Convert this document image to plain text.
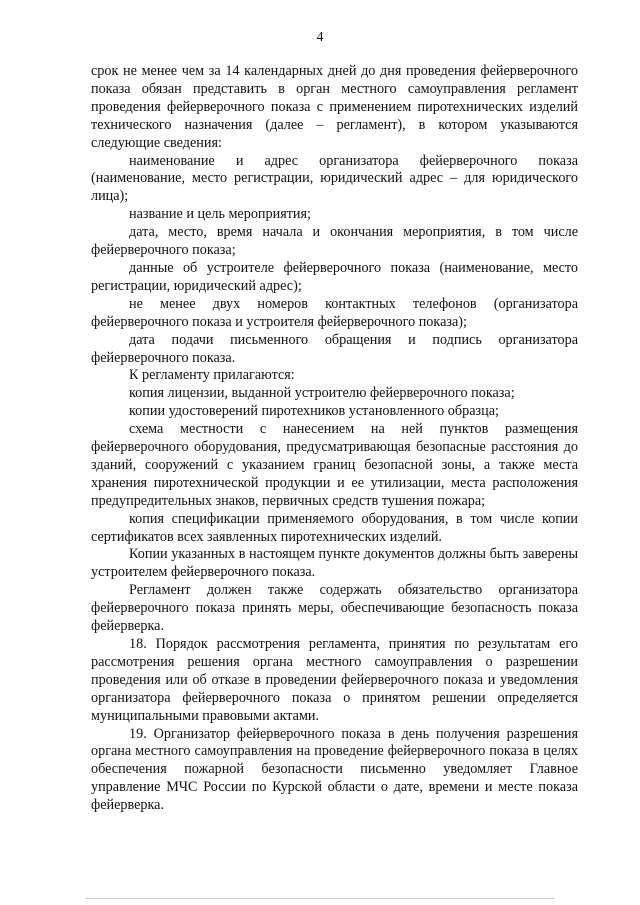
4

срок не менее чем за 14 календарных дней до дня проведения фейерверочного показа обязан представить в орган местного самоуправления регламент проведения фейерверочного показа с применением пиротехнических изделий технического назначения (далее – регламент), в котором указываются следующие сведения:

наименование и адрес организатора фейерверочного показа (наименование, место регистрации, юридический адрес – для юридического лица);

название и цель мероприятия;

дата, место, время начала и окончания мероприятия, в том числе фейерверочного показа;

данные об устроителе фейерверочного показа (наименование, место регистрации, юридический адрес);

не менее двух номеров контактных телефонов (организатора фейерверочного показа и устроителя фейерверочного показа);

дата подачи письменного обращения и подпись организатора фейерверочного показа.

К регламенту прилагаются:

копия лицензии, выданной устроителю фейерверочного показа;

копии удостоверений пиротехников установленного образца;

схема местности с нанесением на ней пунктов размещения фейерверочного оборудования, предусматривающая безопасные расстояния до зданий, сооружений с указанием границ безопасной зоны, а также места хранения пиротехнической продукции и ее утилизации, места расположения предупредительных знаков, первичных средств тушения пожара;

копия спецификации применяемого оборудования, в том числе копии сертификатов всех заявленных пиротехнических изделий.

Копии указанных в настоящем пункте документов должны быть заверены устроителем фейерверочного показа.

Регламент должен также содержать обязательство организатора фейерверочного показа принять меры, обеспечивающие безопасность показа фейерверка.

18. Порядок рассмотрения регламента, принятия по результатам его рассмотрения решения органа местного самоуправления о разрешении проведения или об отказе в проведении фейерверочного показа и уведомления организатора фейерверочного показа о принятом решении определяется муниципальными правовыми актами.

19. Организатор фейерверочного показа в день получения разрешения органа местного самоуправления на проведение фейерверочного показа в целях обеспечения пожарной безопасности письменно уведомляет Главное управление МЧС России по Курской области о дате, времени и месте показа фейерверка.
